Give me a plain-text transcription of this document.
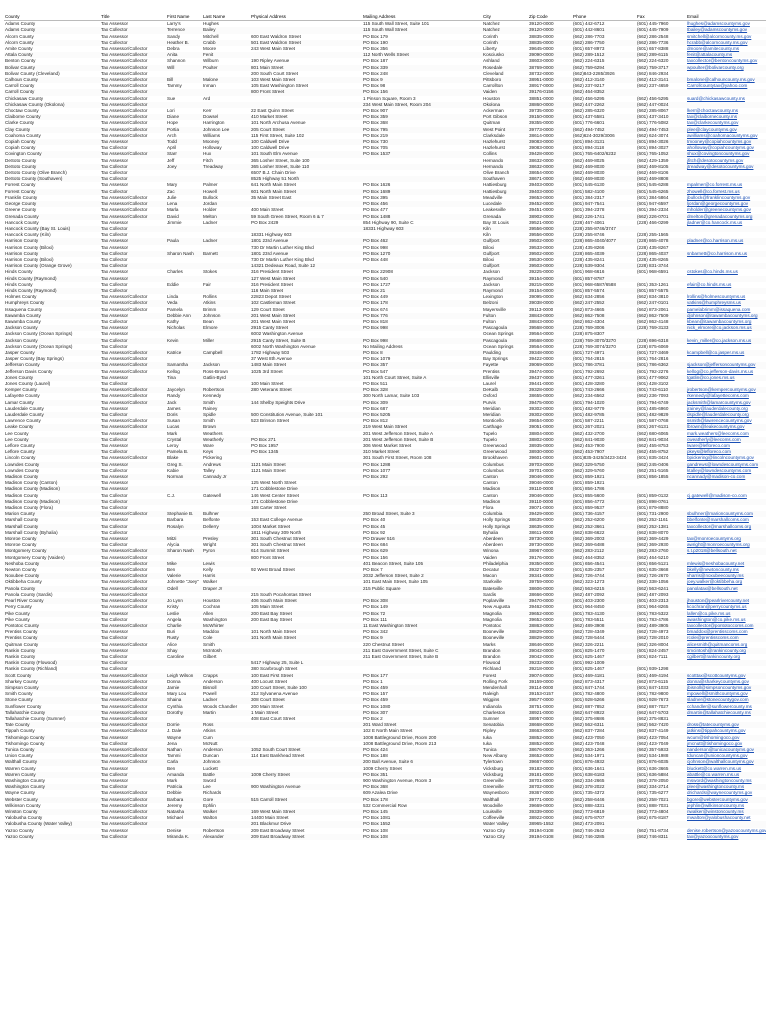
County	Title	First Name	Last Name	Physical Address	Mailing Address	City	Zip Code	Phone	Fax	Email
Adams County	Tax Assessor	Larry's	Hughes		115 South Wall Street, Suite 101	Natchez	39120-0000	(601) 442-6712	(601) 445-7960	lhughes@adamscountyms.gov
Adams County	Tax Collector	Terrence	Bailey		115 South Wall Street	Natchez	39120-0000	(601) 442-8601	(601) 445-7909	tbailey@adamscountyms.gov
Alcorn County	Tax Assessor	Sandy	Mitchell	600 East Waldron Street	PO Box 179	Corinth	38835-0000	(662) 286-7703	(662) 286-2548	smitchell@alcorncounty.ms.gov
Alcorn County	Tax Collector	Heather B.	Crabb	501 East Waldron Street	PO Box 190	Corinth	38835-0000	(662) 286-7750	(662) 286-7736	hcrabb@alcorncounty.ms.gov
Amite County	Tax Assessor/Collector	Debra	Moore	243 West Main Street	PO Box 356	Liberty	39645-0000	(601) 657-8973	(601) 657-8388	dmoore@amitecounty.ms
Attala County	Tax Assessor/Collector	Anita	Fenit		112 North Wells Street	Kosciusko	39090-0000	(662) 289-1512	(662) 289-6115	fenit@attalacounty.ms
Benton County	Tax Assessor/Collector	Shannon	Wilburn	190 Ripley Avenue	PO Box 187	Ashland	38603-0000	(662) 224-6315	(662) 224-6320	taxcollector@bentoncountyms.gov
Bolivar County	Tax Assessor/Collector	Will	Poulter	801 Main Street	PO Box 339	Rosedale	38769-0000	(662) 759-6294	(662) 759-3717	wpoulter@bolivarcounty.org
Bolivar County (Cleveland)	Tax Assessor/Collector			200 South Court Street	PO Box 248	Cleveland	38732-0000	(662)843-2285/3926	(662) 846-2934	
Calhoun County	Tax Assessor/Collector	Bill	Malone	103 West Main Street	PO Box 9	Pittsboro	38951-0000	(662) 412-3140	(662) 412-3141	bmalone@calhouncounty.ms.gov
Carroll County	Tax Assessor/Collector	Tammy	Inman	105 East Washington Street	PO Box 98	Carrollton	38917-0000	(662) 237-9217	(662) 237-4659	Carrollcountytax@yahoo.com
Carroll County	Tax Assessor/Collector			800 Front Street	PO Box 156	Vaiden	39176-0156	(662) 464-8352		
Chickasaw County	Tax Assessor/Collector	Sue	Ard		1 Pinson Square, Room 3	Houston	38851-0000	(662) 456-5295	(662) 456-5295	suard@chickasawcounty.ms
Chickasaw County (Okolona)	Tax Assessor/Collector				234 West Main Street, Room 204	Okolona	38860-0000	(662) 447-2262	(662) 447-0024	
Choctaw County	Tax Assessor/Collector	Lori	Kerr	22 East Quinn Street	PO Box 907	Ackerman	39735-0000	(662) 285-6320	(662) 285-8067	lkerr@choctawcounty.ms
Claiborne County	Tax Assessor/Collector	Diane	Dowsel	410 Market Street	PO Box 359	Port Gibson	39150-0000	(601) 437-5581	(601) 437-3410	tax@claibornecounty.ms
Clarke County	Tax Assessor/Collector	Hope	Harrington	101 North Archusa Avenue	PO Box 368	Quitman	39355-0000	(601) 776-6601	(601) 776-5082	tax@clarkecountyms.gov
Clay County	Tax Assessor/Collector	Portia	Johnson Lee	205 Court Street	PO Box 795	West Point	39773-0000	(662) 494-7452	(662) 494-7453	plee@claycountyms.gov
Coahoma County	Tax Assessor/Collector	Arch	Williams	115 First Street, Suite 102	PO Box 219	Clarksdale	38614-0000	(662)624-3029/3006	(662) 624-3074	awilliams@coahomacountyms.gov
Copiah County	Tax Assessor	Todd	Mooney	100 Caldwell Drive	PO Box 730	Hazlehurst	39083-0000	(601) 894-3131	(601) 894-3026	tmooney@copiahcountyms.gov
Copiah County	Tax Collector	April	Holloway	100 Caldwell Drive	PO Box 705	Hazlehurst	39083-0000	(601) 894-3118	(601) 894-3027	aholloway@copiahcountyms.gov
Covington County	Tax Assessor/Collector	Starr	Hux	101 South Elm Avenue	PO Box 1537	Collins	39428-0000	(601) 765-6402/6232	(601) 765-1052	shux@covingtoncountyms.gov
DeSoto County	Tax Assessor	Jeff	Fitch	365 Losher Street, Suite 100		Hernando	38632-0000	(662) 469-8025	(662) 429-1359	jfitch@desotocountyms.gov
DeSoto County	Tax Collector	Joey	Treadway	365 Losher Street, Suite 110		Hernando	38632-0000	(662) 469-8030	(662) 469-8105	jtreadway@desotocountyms.gov
DeSoto County (Olive Branch)	Tax Collector			6507 B.J. Chain Drive		Olive Branch	38654-0000	(662) 469-8030	(662) 469-8106	
DeSoto County (Southaven)	Tax Collector			8525 Highway 51 North		Southaven	38671-0000	(662) 469-8030	(662) 469-8808	
Forrest County	Tax Assessor	Mary	Palmer	641 North Main Street	PO Box 1626	Hattiesburg	39403-0000	(601) 545-6130	(601) 545-6288	mpalmer@co.forrest.ms.us
Forrest County	Tax Collector	Zac	Howell	601 North Main Street	PO Box 1689	Hattiesburg	39403-0000	(601) 582-4100	(601) 545-6265	zhowell@co.forrest.ms.us
Franklin County	Tax Assessor/Collector	Julie	Bullock	35 Main Street East	PO Box 395	Meadville	39653-0000	(601) 384-2317	(601) 384-5864	jbullock@franklincountyms.gov
George County	Tax Assessor/Collector	Lena	Jordan		PO Box 456	Lucedale	39452-0000	(601) 947-7541	(601) 947-6597	ljordan@georgecountyms.gov
Greene County	Tax Assessor/Collector	Marla	Holder	400 Main Street	PO Box 477	Leakesville	39451-0000	(601) 394-2378	(601) 394-2334	mholder@greenecountyms.gov
Grenada County	Tax Assessor/Collector	David	Melton	59 South Green Street, Room 6 & 7	PO Box 1488	Grenada	38902-0000	(662) 226-1741	(662) 226-0701	dmelton@grenadacountyms.org
Hancock County	Tax Assessor	Jimmie	Ladner	PO Box 2429	854 Highway 90, Suite C	Bay St Louis	39521-0000	(228) 467-4061	(228) 466-0299	jladner@co.hancock.ms.us
Hancock County (Bay St. Louis)	Tax Collector				18331 Highway 603	Kiln	39556-0000	(228) 255-8746/3747		
Hancock County (Kiln)	Tax Collector			18331 Highway 603		Kiln	39556-0000	(228) 255-8746	(228) 255-1565	
Harrison County	Tax Assessor	Paula	Ladner	1801 23rd Avenue	PO Box 462	Gulfport	39502-0000	(228) 865-4040/4077	(228) 865-4078	pladner@co.harrison.ms.us
Harrison County (Biloxi)	Tax Assessor			730 Dr Martin Luther King Blvd	PO Box 998	Biloxi	39533-0000	(228) 435-8266	(228) 435-8267	
Harrison County	Tax Collector	Sharon Nash	Barnett	1801 23rd Avenue	PO Box 1270	Gulfport	39502-0000	(228) 865-4039	(228) 865-4037	snbarnett@co.harrison.ms.us
Harrison County (Biloxi)	Tax Collector			730 Dr Martin Luther King Blvd	PO Box 448	Biloxi	39530-0000	(228) 435-8241	(228) 435-8265	
Harrison County (Orange Grove)	Tax Collector			14321 Dedeaux Road, Suite 12		Gulfport	39503-0000	(228) 539-9304	(228) 831-3744	
Hinds County	Tax Assessor	Charles	Stokes	316 President Street	PO Box 22908	Jackson	39225-0000	(601) 968-6616	(601) 968-6591	cstokes@co.hinds.ms.us
Hinds County (Raymond)	Tax Assessor			127 West Main Street	PO Box 540	Raymond	39154-0000	(601) 857-8787		
Hinds County	Tax Collector	Eddie	Fair	316 President Street	PO Box 1727	Jackson	39215-0000	(601) 968-6587/6588	(601) 353-1261	efair@co.hinds.ms.us
Hinds County (Raymond)	Tax Collector			116 Main Street	PO Box 21	Raymond	39154-0000	(601) 857-5574	(601) 857-5575	
Holmes County	Tax Assessor/Collector	Linda	Rollins	22823 Depot Street	PO Box 449	Lexington	39095-0000	(662) 834-2856	(662) 834-3810	lrollins@holmescountyms.us
Humphreys County	Tax Assessor/Collector	Veda	Atkins	102 Castleman Street	PO Box 178	Belzoni	39038-0000	(662) 247-2552	(662) 247-0101	vatkins@humphreysms.us
Issaquena County	Tax Assessor/Collector	Pamela	Brimm	129 Court Street	PO Box 674	Mayersville	39113-0000	(662) 873-4665	(662) 873-2061	pamelabrimm@issaquena.com
Itawamba County	Tax Assessor	Debbie Ann	Johnson	201 West Main Street	PO Box 776	Fulton	38843-0000	(662) 862-7508	(662) 862-7509	djohnson@itawambacountyms.org
Itawamba County	Tax Collector	Kathy	Bean	201 West Main Street	PO Box 818	Fulton	38843-0000	(662) 862-4304	(662) 862-4148	kbean@itawambacountyms.org
Jackson County	Tax Assessor	Nicholas	Elmore	2915 Canty Street	PO Box 998	Pascagoula	39568-0000	(228) 769-3006	(228) 769-3133	nick_elmore@co.jackson.ms.us
Jackson County (Ocean Springs)	Tax Assessor			6002 Washington Avenue		Ocean Springs	39564-0000	(228) 875-8307		
Jackson County	Tax Collector	Kevin	Miller	2915 Canty Street, Suite B	PO Box 998	Pascagoula	39568-0000	(228) 769-3070/3270	(228) 696-6318	kevin_miller@co.jackson.ms.us
Jackson County (Ocean Springs)	Tax Collector			6002 North Washington Avenue	No Mailing Address	Ocean Springs	39564-0000	(228) 769-3074/3270	(228) 875-6069	
Jasper County	Tax Assessor/Collector	Katrice	Campbell	1782 Highway 503	PO Box 8	Paulding	39348-0000	(601) 727-4971	(601) 727-3469	kcampbell@co.jasper.ms.us
Jasper County (Bay Springs)	Tax Assessor/Collector			37 West 8th Avenue	PO Box 1079	Bay Springs	39422-0000	(601) 764-2815	(601) 764-2816	
Jefferson County	Tax Assessor/Collector	Samantha	Jackson	1483 Main Street	PO Box 357	Fayette	39069-0000	(601) 786-3781	(601) 786-6362	sjackson@jeffersoncountyms.gov
Jefferson Davis County	Tax Assessor/Collector	Kellog	Ross-Brown	1025 3rd Street	PO Box 547	Prentiss	39474-0000	(601) 792-2692	(601) 792-2276	kellog@co.jefferson-davis.ms.us
Jones County	Tax Assessor	Tina	Gatlin-Byrd		101 North Court Street, Suite A	Ellisville	39437-0000	(601) 477-3261	(601) 477-9062	tgatlin@co.jones.ms.us
Jones County (Laurel)	Tax Collector			100 Main Street	PO Box 511	Laurel	39441-0000	(601) 428-3280	(601) 428-3102	
Kemper County	Tax Assessor/Collector	Jaycelyn	Robertson	280 Veterans Street	PO Box 328	DeKalb	39328-0000	(601) 743-2666	(601) 743-6110	jrobertson@kempercountyms.gov
Lafayette County	Tax Assessor/Collector	Randy	Kennedy		300 North Lamar, Suite 103	Oxford	38655-0000	(662) 234-6562	(662) 236-7093	rkennedy@lafayettecoms.com
Lamar County	Tax Assessor/Collector	Jack	Smith	144 Shelby Speights Drive	PO Box 309	Purvis	39475-0000	(601) 794-1020	(601) 794-6749	jacksmith@lamarcountyms.gov
Lauderdale County	Tax Assessor	James	Rainey		PO Box 687	Meridian	39302-0000	(601) 482-9779	(601) 485-6960	jrainey@lauderdalecounty.org
Lauderdale County	Tax Collector	Doris	Spidle	500 Constitution Avenue, Suite 101	PO Box 5205	Meridian	39302-0000	(601) 482-9785	(601) 482-9829	dspidle@lauderdalecounty.org
Lawrence County	Tax Assessor/Collector	Susan	Smith	523 Brinson Street	PO Box 812	Monticello	39654-0000	(601) 587-2211	(601) 587-0768	ssmith@lawrencecountyms.gov
Leake County	Tax Assessor/Collector	Lucas	Brown		219 West Main Street	Carthage	39051-0000	(601) 267-2021	(601) 267-6131	lbrown@leakecountyms.gov
Lee County	Tax Assessor	Mark	Weathers		201 West Jefferson Street, Suite A	Tupelo	38804-0000	(662) 432-2700	(662) 680-6065	mark.weathers@leecoms.com
Lee County	Tax Collector	Crystal	Weatherly	PO Box 271	201 West Jefferson Street, Suite B	Tupelo	38802-0000	(662) 841-9030	(662) 841-9034	cweatherly@leecoms.com
Leflore County	Tax Assessor	Leroy	Ware	PO Box 1957	306 West Market Street	Greenwood	38935-0000	(662) 453-7900	(662) 455-8753	lware@lefloreco.com
Leflore County	Tax Collector	Pamela B.	Keys	PO Box 1345	310 Market Street	Greenwood	38930-0000	(662) 453-7907	(662) 455-8752	pkeys@lefloreco.com
Lincoln County	Tax Assessor/Collector	Blake	Pickering		301 South First Street, Room 108	Brookhaven	39601-0000	(601)835-3425/3423-3424	(601) 835-3424	bpickering@lincolncountyms.gov
Lowndes County	Tax Assessor	Greg S.	Andrews	1121 Main Street	PO Box 1288	Columbus	39703-0000	(662) 329-5750	(662) 245-0406	gandrews@lowndescountyms.com
Lowndes County	Tax Collector	Kabie	Talley	1121 Main Street	PO Box 1077	Columbus	39701-0000	(662) 329-5760	(662) 251-5165	ktalley@lowndescountyms.com
Madison County	Tax Assessor	Norman	Cannady Jr		PO Box 292	Canton	39046-0000	(601) 859-1921	(601) 856-1855	ncannady@madison-co.com
Madison County (Canton)	Tax Assessor			125 West North Street		Canton	39046-0000	(601) 859-1921		
Madison County (Madison)	Tax Assessor			171 Cobblestone Drive		Madison	39110-0000	(601) 856-1786		
Madison County	Tax Collector	C.J.	Gatewell	146 West Center Street	PO Box 113	Canton	39046-0000	(601) 855-5600	(601) 859-0132	cj.gatewell@madison-co.com
Madison County (Madison)	Tax Collector			171 Cobblestone Drive		Madison	39110-0000	(601) 856-4772	(601) 898-0761	
Madison County (Flora)	Tax Collector			168 Carter Street		Flora	39071-0000	(601) 859-9537	(601) 879-8880	
Marion County	Tax Assessor/Collector	Stephanie B.	Bulhner		250 Broad Street, Suite 3	Columbia	39429-0000	(601) 736-4157	(601) 731-2900	sbulhner@marioncountyms.com
Marshall County	Tax Assessor	Barbara	Belfonte	153 East College Avenue	PO Box 40	Holly Springs	38635-0000	(662) 252-6200	(662) 252-1161	bbelfonte@marshallcoms.com
Marshall County	Tax Collector	Rosalyn	Dellerry	1004 Market Street	PO Box 45	Holly Springs	38635-0000	(662) 252-3661	(662) 252-1381	taxcollector@marshallcoms.org
Marshall County (Byhalia)	Tax Collector			1811 Highway 309 North	PO Box 92	Byhalia	38611-0000	(662) 838-6622	(662) 838-8070	
Monroe County	Tax Assessor	Mitzi	Presley	301 South Chestnut Street	PO Drawer 516	Aberdeen	39730-0000	(662) 369-2003	(662) 369-4429	tax@monroecountyms.org
Monroe County	Tax Collector	Alycia	Wright	301 South Chestnut Street	PO Box 684	Aberdeen	39730-0000	(662) 369-6488	(662) 369-2930	awright@monroecountyms.org
Montgomery County	Tax Assessor/Collector	Sharon Nash	Pyron	614 Summit Street	PO Box 629	Winona	38967-0000	(662) 283-2112	(662) 283-2760	s.t.p2018@bellsouth.net
Montgomery County (Vaiden)	Tax Assessor/Collector			800 Front Street	PO Box 156	Vaiden	39176-0000	(662) 464-8352	(662) 464-5210	
Neshoba County	Tax Assessor/Collector	Mike	Lewis		401 Beacon Street, Suite 105	Philadelphia	39350-0000	(601) 656-4541	(601) 656-5121	mlewis@neshobacounty.net
Newton County	Tax Assessor/Collector	Ben	Kelly	92 West Broad Street	PO Box 7	Decatur	39327-0000	(601) 635-2357	(601) 635-3668	bkelly@newtoncounty.ms
Noxubee County	Tax Assessor/Collector	Valerie	Harris		2032 Jefferson Street, Suite 2	Macon	39341-0000	(662) 726-4744	(662) 726-2670	vharris@noxubeecounty.ms
Oktibbeha County	Tax Assessor/Collector	Johnette "Joey"	Walker		101 East Main Street, Suite 105	Starkville	39759-0000	(662) 323-1273	(662) 338-1056	joey.walker@oktibbeha.org
Panola County	Tax Assessor/Collector	Odell	Draper Jr		215 Public Square	Batesville	38606-0000	(662) 563-6215	(662) 563-6241	panolatax@bellsouth.net
Panola County (Sardis)	Tax Assessor/Collector			215 South Pocahontas Street		Sardis	38666-0000	(662) 487-2092	(662) 487-2093	
Pearl River County	Tax Assessor/Collector	Jo Lynn	Houston	406 South Main Street	PO Box 308	Poplarville	39470-0000	(601) 403-2300	(601) 403-2313	jhouston@pearlrivercounty.net
Perry County	Tax Assessor/Collector	Kristy	Cochran	105 Main Street	PO Box 149	New Augusta	39462-0000	(601) 964-8450	(601) 964-8265	kcochran@perrycountyms.us
Pike County	Tax Assessor	Leslie	Allen	200 East Bay Street	PO Box 72	Magnolia	39652-0000	(601) 783-4130	(601) 783-5322	lallen@co.pike.ms.us
Pike County	Tax Collector	Angela	Washington	200 East Bay Street	PO Box 111	Magnolia	39652-0000	(601) 783-5511	(601) 783-4786	awashington@co.pike.ms.us
Pontotoc County	Tax Assessor/Collector	Charlie	McWhirter		11 East Washington Street	Pontotoc	38863-0000	(662) 489-3908	(662) 489-3905	taxcollector@pontotoccoms.com
Prentiss County	Tax Assessor	Buri	Maddox	101 North Main Street	PO Box 342	Booneville	38829-0000	(662) 728-4349	(662) 728-4973	bmaddox@prentisscoms.com
Prentiss County	Tax Collector	Rusty	Cole	101 North Main Street	PO Box 9	Booneville	38829-0000	(662) 728-5444	(662) 728-2010	rcole@prentisscoms.com
Quitman County	Tax Assessor/Collector	Alice	Smith		220 Chestnut Street	Marks	38646-0000	(662) 326-2211	(662) 326-8004	alicesmith@quitmancoms.org
Rankin County	Tax Assessor	Shay	McIntosh		211 East Government Street, Suite C	Brandon	39042-0000	(601) 825-1470	(601) 824-2457	smcintosh@rankincounty.org
Rankin County	Tax Collector	Caroline	Gilbert		211 East Government Street, Suite B	Brandon	39042-0000	(601) 825-1467	(601) 824-7111	cgilbert@rankincounty.org
Rankin County (Flowood)	Tax Collector			5417 Highway 25, Suite L		Flowood	39232-0000	(601) 992-1009		
Rankin County (Richland)	Tax Collector			380 Scarbrough Street		Richland	39218-0000	(601) 825-1467	(601) 939-1298	
Scott County	Tax Assessor/Collector	Leigh Wilson	Crapps	100 East First Street	PO Box 177	Forest	39074-0000	(601) 469-4181	(601) 469-4194	scotttax@scottcountyms.gov
Sharkey County	Tax Assessor/Collector	Donna	Anderson	400 Locust Street	PO Box 1	Rolling Fork	39159-0000	(662) 873-4317	(662) 873-6115	donna@sharkeycountyms.gov
Simpson County	Tax Assessor/Collector	Jamie	Bisnoll	100 Court Street, Suite 100	PO Box 459	Mendenhall	39114-0000	(601) 847-1744	(601) 847-1033	jbisnoll@simpsoncountyms.gov
Smith County	Tax Assessor/Collector	Mary Lou	Powell	212 Sylvanena Avenue	PO Box 157	Raleigh	39153-0157	(601) 782-4800	(601) 782-9800	mpowell@smithcountyms.gov
Stone County	Tax Assessor/Collector	Shaina	Ladner	308 Court Street	PO Box 459	Wiggins	39577-0000	(601) 928-5266	(601) 928-7673	sladner@stonecountygov.com
Sunflower County	Tax Assessor/Collector	Cynthia	Woods Chandler	200 Main Street	PO Box 1080	Indianola	38751-0000	(662) 887-7852	(662) 887-7027	cchandler@sunflowercounty.ms
Tallahatchie County	Tax Assessor/Collector	Dorothy	Martin	1 Main Street	PO Box 307	Charleston	38921-0000	(662) 647-8922	(662) 647-5703	dmartin@tallahatchiecounty.ms
Tallahatchie County (Sumner)	Tax Assessor/Collector			408 East Court Street	PO Box 2	Sumner	38957-0000	(662) 375-8686	(662) 375-8831	
Tate County	Tax Assessor/Collector	Dorrie	Ross		201 Ward Street	Senatobia	38668-0000	(662) 562-6311	(662) 562-7420	dross@tatecountyms.gov
Tippah County	Tax Assessor/Collector	J. Dale	Atkins		102 E North Main Street	Ripley	38663-0000	(662) 837-7284	(662) 837-4149	jatkins@tippahcountyms.gov
Tishomingo County	Tax Assessor	Wayne	Cum		1008 Battleground Drive, Room 200	Iuka	38852-0000	(662) 423-7050	(662) 423-7054	wcum@tishomingoco.gov
Tishomingo County	Tax Collector	Jena	McNutt		1008 Battleground Drive, Room 213	Iuka	38852-0000	(662) 423-7048	(662) 423-7049	jmcnutt@tishomingoco.gov
Tunica County	Tax Assessor/Collector	Nathan	Anderson	1052 South Court Street	PO Box 424	Tunica	38676-0000	(662) 363-1266	(662) 357-5933	nanderson@tunicacountyms.gov
Union County	Tax Assessor/Collector	Tammi	Duncan	114 East Bankhead Street	PO Box 188	New Albany	38652-0000	(662) 534-1971	(662) 534-1988	tduncan@unioncountyms.gov
Walthall County	Tax Assessor/Collector	Carla	Johnson		200 Ball Avenue, Suite 6	Tylertown	39667-0000	(601) 876-4932	(601) 876-6035	cjohnson@walthallcountyms.gov
Warren County	Tax Assessor	Ben	Luckett		1009 Cherry Street	Vicksburg	39183-0000	(601) 636-1641	(601) 636-3665	bluckett@co.warren.ms.us
Warren County	Tax Collector	Amanda	Battle	1009 Cherry Street	PO Box 351	Vicksburg	39181-0000	(601) 638-6183	(601) 636-5884	abattle@co.warren.ms.us
Washington County	Tax Assessor	Mark	Sword		900 Washington Avenue, Room 3	Greenville	38701-0000	(662) 334-2665	(662) 378-2050	msword@washingtoncounty.ms
Washington County	Tax Collector	Patricia	Lee	900 Washington Avenue	PO Box 368	Greenville	38702-0000	(662) 378-2022	(662) 334-2714	plee@washingtoncounty.ms
Wayne County	Tax Assessor/Collector	Debbie	Richards		609 Azalea Drive	Waynesboro	39367-0000	(601) 735-4372	(601) 735-6277	drichards@waynecountyms.gov
Webster County	Tax Assessor/Collector	Barbara	Gore	515 Carroll Street	PO Box 178	Walthall	39771-0000	(662) 258-6446	(662) 258-7021	bgore@webstercountyms.gov
Wilkinson County	Tax Assessor/Collector	Jeremy	Ephlin		532 Commercial Row	Woodville	39669-0000	(601) 888-4331	(601) 888-7031	jephlin@wilkinsoncounty.ms
Winston County	Tax Assessor/Collector	Natasha	Walker	169 West Main Street	PO Box 145	Louisville	39339-0000	(662) 773-6819	(662) 773-4804	nwalker@winstoncounty.ms
Yalobusha County	Tax Assessor/Collector	Michael	Walton	14400 Main Street	PO Box 1081	Coffeeville	38922-0000	(662) 675-8707	(662) 675-8187	mwalton@yalobushacounty.net
Yalobusha County (Water Valley)	Tax Assessor/Collector			201 Blackmur Drive	PO Box 1552	Water Valley	38965-1552	(662) 473-2091		
Yazoo County	Tax Assessor	Denise	Robertson	209 East Broadway Street	PO Box 108	Yazoo City	39194-0108	(662) 746-2642	(662) 751-8734	denise.robertson@yazoocountyms.gov
Yazoo County	Tax Collector	Miranda K.	Alexander	209 East Broadway Street	PO Box 108	Yazoo City	39194-0108	(662) 746-3285	(662) 746-8311	tax@yazoocountyms.gov
